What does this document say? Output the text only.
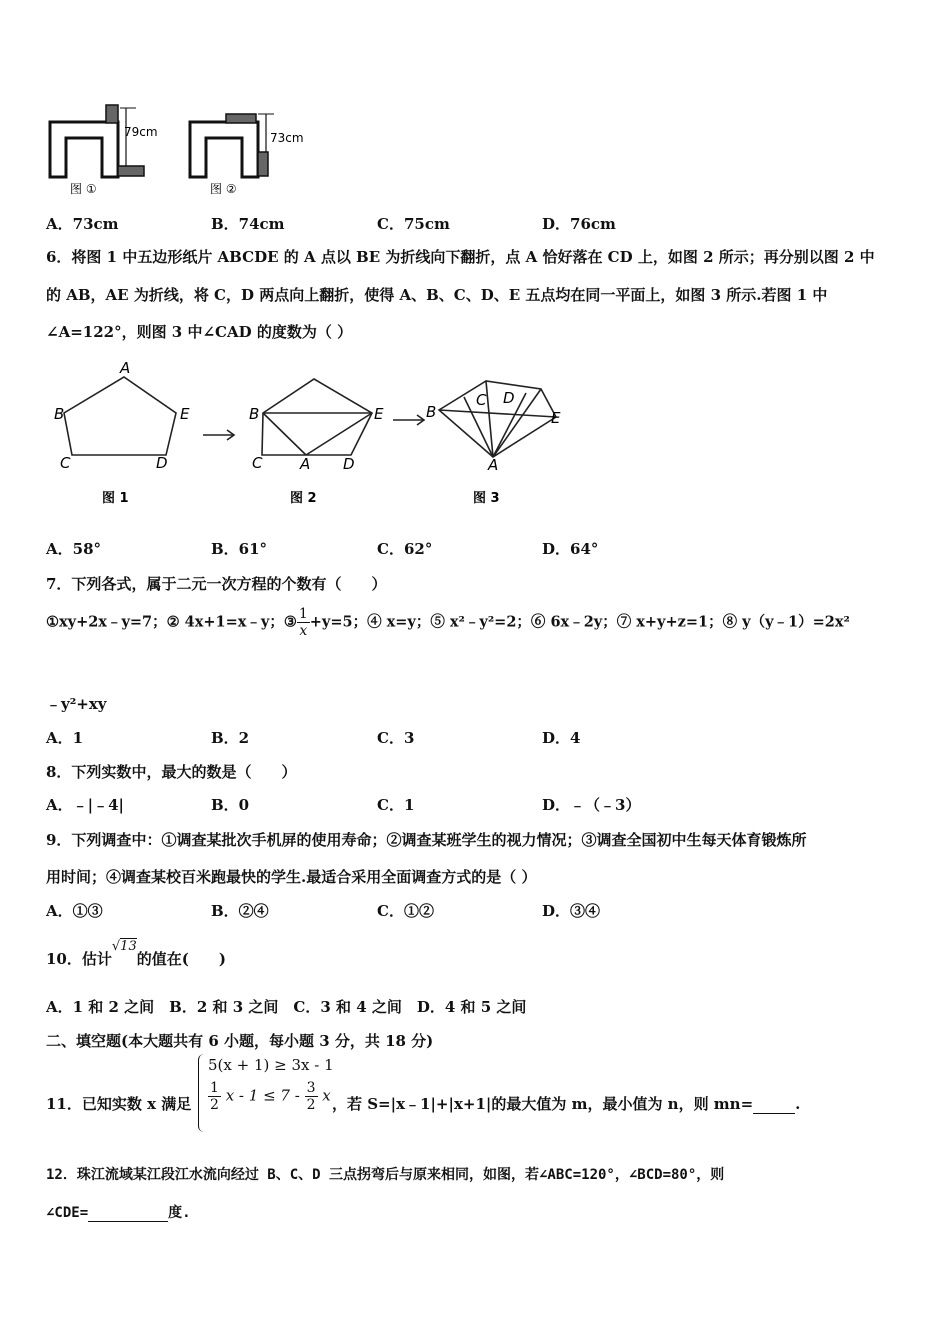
79cm
图 ①
73cm
图 ②
A．73cm	B．74cm	C．75cm	D．76cm
6．将图 1 中五边形纸片 ABCDE 的 A 点以 BE 为折线向下翻折，点 A 恰好落在 CD 上，如图 2 所示；再分别以图 2 中
的 AB，AE 为折线，将 C，D 两点向上翻折，使得 A、B、C、D、E 五点均在同一平面上，如图 3 所示.若图 1 中
∠A=122°，则图 3 中∠CAD 的度数为（ ）
A
B	E
C	D
B	E
C	A D
B
C D
E
A
图 1	图 2	图 3
A．58°	B．61°	C．62°	D．64°
7．下列各式，属于二元一次方程的个数有（　　）
①xy+2x﹣y=7；② 4x+1=x﹣y；③ $\frac{1}{x} +y=5$；④ x=y；⑤ x²﹣y²=2；⑥ 6x﹣2y；⑦ x+y+z=1；⑧ y（y﹣1）=2x²
﹣y²+xy
A．1	B．2	C．3	D．4
8．下列实数中，最大的数是（　　）
A．﹣|﹣4|	B．0	C．1	D．﹣（﹣3）
9．下列调查中：①调查某批次手机屏的使用寿命；②调查某班学生的视力情况；③调查全国初中生每天体育锻炼所
用时间；④调查某校百米跑最快的学生.最适合采用全面调查方式的是（ ）
A．①③	B．②④	C．①②	D．③④
10．估计√13的值在(　　)
A．1 和 2 之间　B．2 和 3 之间　C．3 和 4 之间　D．4 和 5 之间
二、填空题(本大题共有 6 小题，每小题 3 分，共 18 分)
11．已知实数 x 满足
5(x + 1) ≥ 3x - 1
$\frac{1}{2}$ $x - 1 \le 7 - \frac{3}{2}$ x ，若 S=|x﹣1|+|x+1|的最大值为 m，最小值为 n，则 mn=	.
12．珠江流域某江段江水流向经过 B、C、D 三点拐弯后与原来相同，如图，若∠ABC=120°，∠BCD=80°，则
∠CDE=	度.
